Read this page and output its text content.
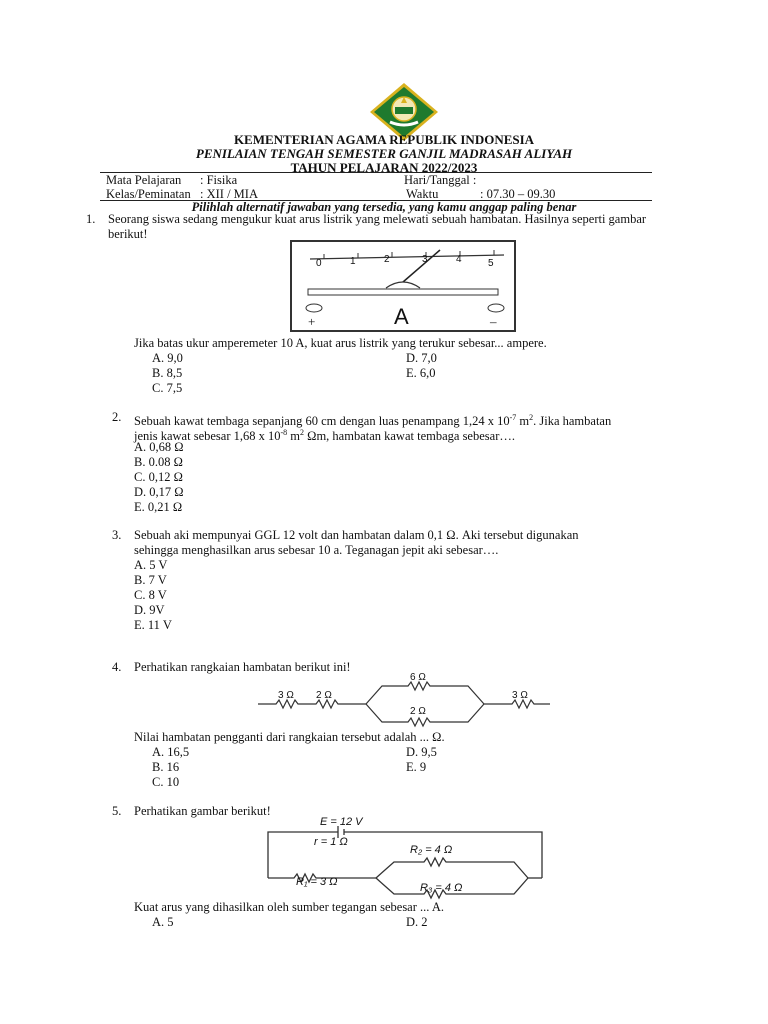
KEMENTERIAN AGAMA REPUBLIK INDONESIA
PENILAIAN TENGAH SEMESTER GANJIL MADRASAH ALIYAH
TAHUN PELAJARAN 2022/2023
Mata Pelajaran : Fisika	Hari/Tanggal :
Kelas/Peminatan : XII / MIA	Waktu	: 07.30 – 09.30
Pilihlah alternatif jawaban yang tersedia, yang kamu anggap paling benar
1. Seorang siswa sedang mengukur kuat arus listrik yang melewati sebuah hambatan. Hasilnya seperti gambar berikut!
0	1	2	3	4	5
A
+	–
Jika batas ukur amperemeter 10 A, kuat arus listrik yang terukur sebesar... ampere.
A. 9,0
B. 8,5
C. 7,5
D. 7,0
E. 6,0
2. Sebuah kawat tembaga sepanjang 60 cm dengan luas penampang 1,24 x $10^{-7}$ $m^2$. Jika hambatan
jenis kawat sebesar 1,68 x $10^{-8}$ $m^2$ Ωm, hambatan kawat tembaga sebesar….
A. 0,68 Ω
B. 0.08 Ω
C. 0,12 Ω
D. 0,17 Ω
E. 0,21 Ω
3. Sebuah aki mempunyai GGL 12 volt dan hambatan dalam 0,1 Ω. Aki tersebut digunakan
sehingga menghasilkan arus sebesar 10 a. Teganagan jepit aki sebesar….
A. 5 V
B. 7 V
C. 8 V
D. 9V
E. 11 V
4. Perhatikan rangkaian hambatan berikut ini!
3 Ω 2 Ω
6 Ω
2 Ω
3 Ω
Nilai hambatan pengganti dari rangkaian tersebut adalah ... Ω.
A. 16,5
B. 16
C. 10
D. 9,5
E. 9
5. Perhatikan gambar berikut!
E = 12 V
r = 1 Ω
R₁ = 3 Ω
R₂ = 4 Ω
R₃ = 4 Ω
Kuat arus yang dihasilkan oleh sumber tegangan sebesar ... A.
A. 5	D. 2
